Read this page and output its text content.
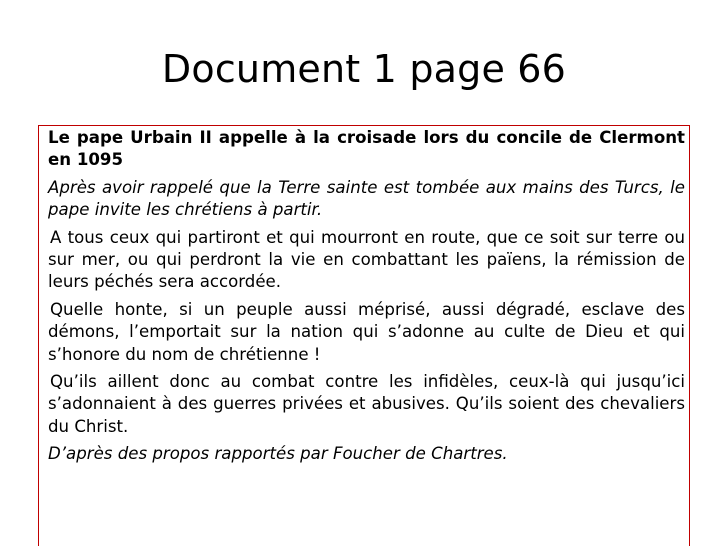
Document 1 page 66

Le pape Urbain II appelle à la croisade lors du concile de Clermont en 1095

Après avoir rappelé que la Terre sainte est tombée aux mains des Turcs, le pape invite les chrétiens à partir.

A tous ceux qui partiront et qui mourront en route, que ce soit sur terre ou sur mer, ou qui perdront la vie en combattant les païens, la rémission de leurs péchés sera accordée.

Quelle honte, si un peuple aussi méprisé, aussi dégradé, esclave des démons, l’emportait sur la nation qui s’adonne au culte de Dieu et qui s’honore du nom de chrétienne !

Qu’ils aillent donc au combat contre les infidèles, ceux-là qui jusqu’ici s’adonnaient à des guerres privées et abusives. Qu’ils soient des chevaliers du Christ.

D’après des propos rapportés par Foucher de Chartres.
